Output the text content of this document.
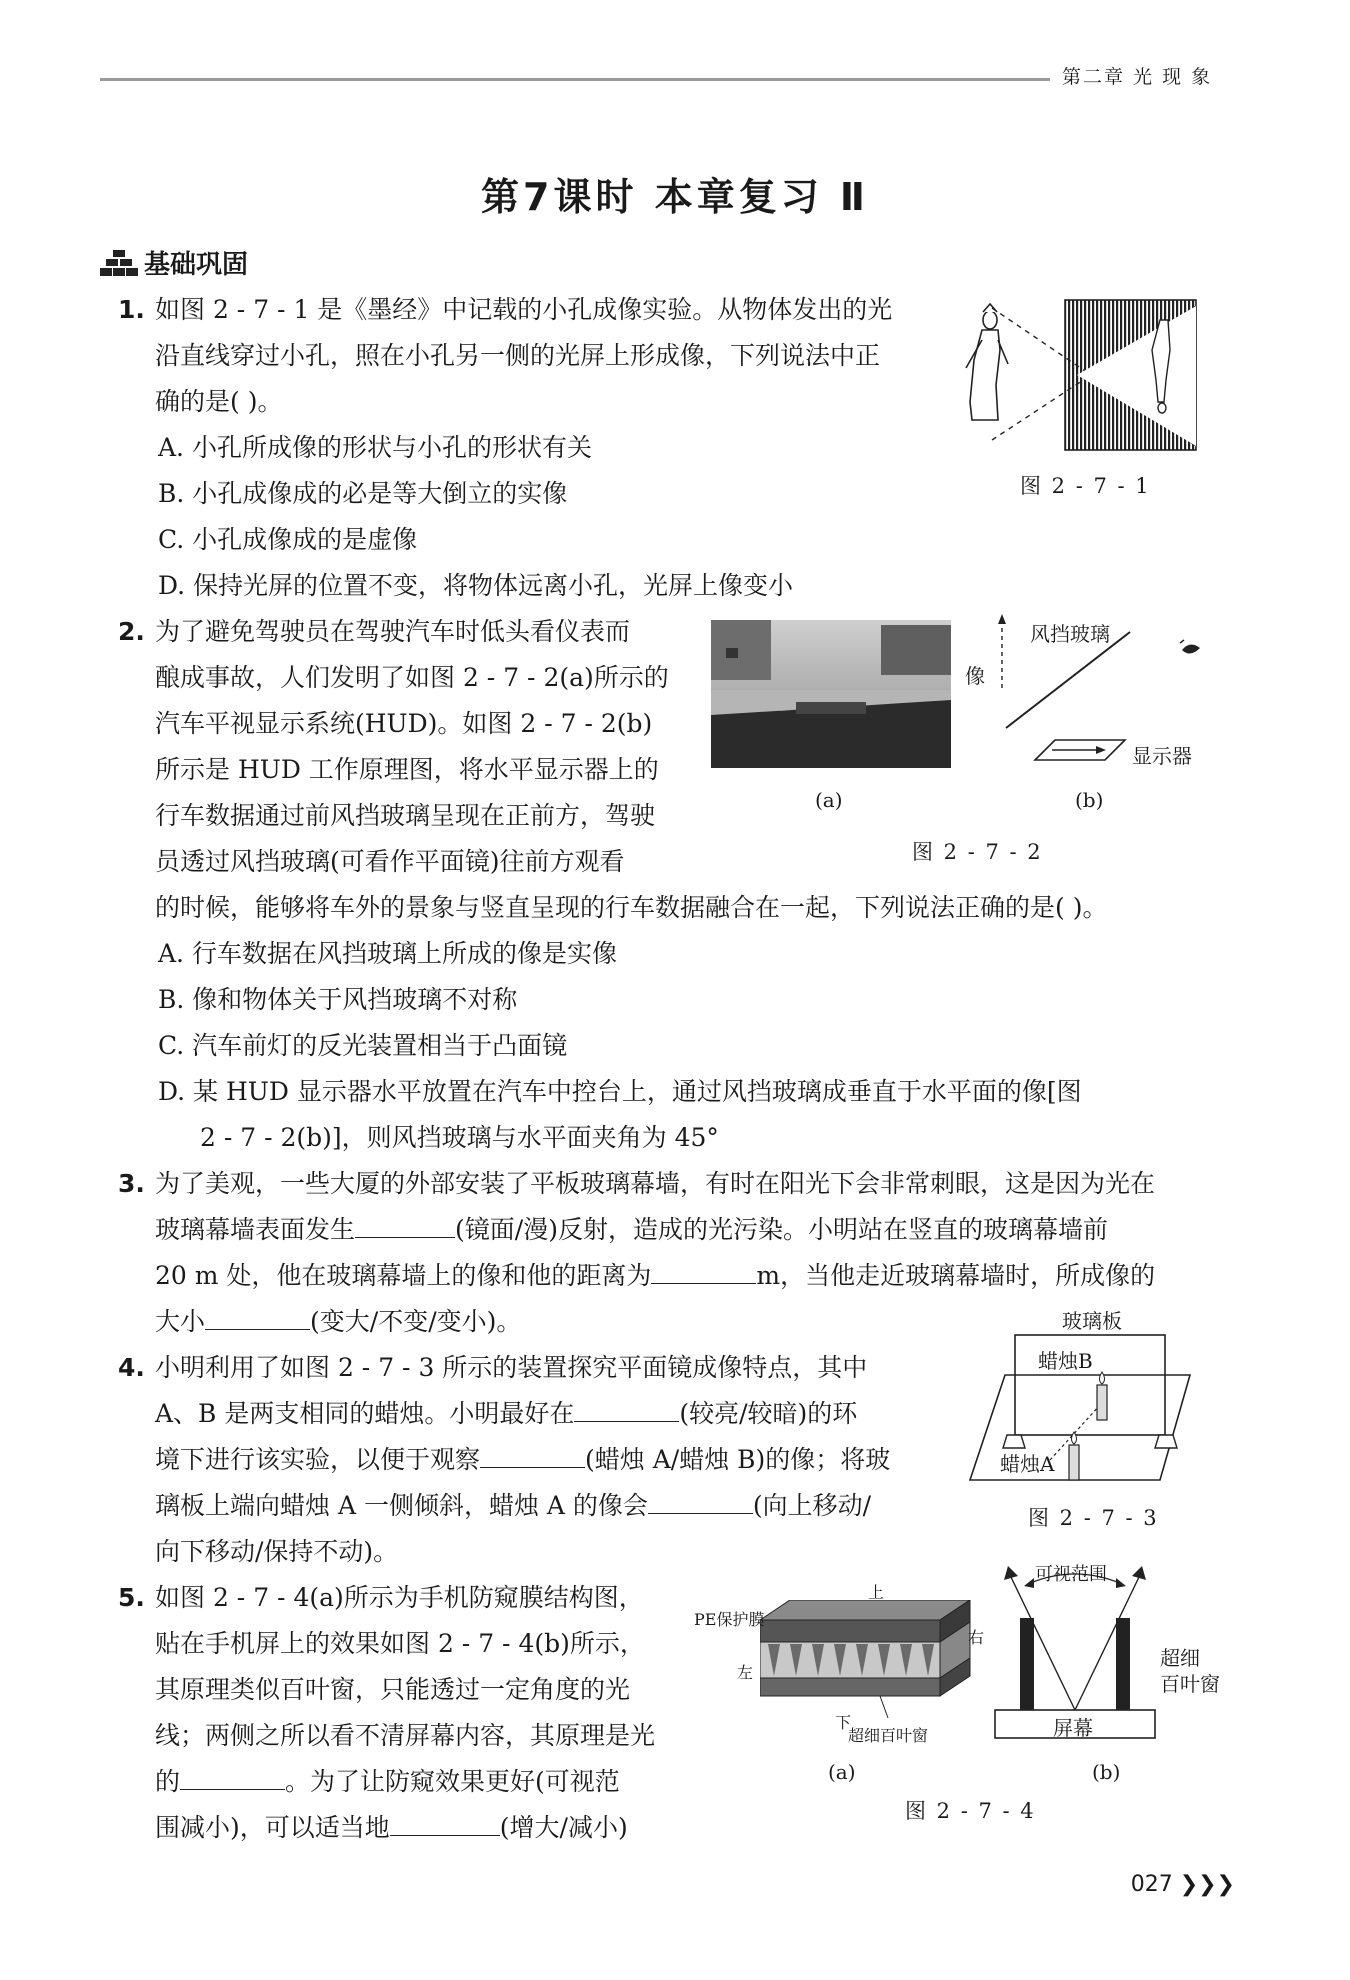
第二章 光 现 象
第7课时 本章复习 Ⅱ
基础巩固
1. 如图 2 - 7 - 1 是《墨经》中记载的小孔成像实验。从物体发出的光
沿直线穿过小孔，照在小孔另一侧的光屏上形成像，下列说法中正
确的是( )。
A. 小孔所成像的形状与小孔的形状有关
B. 小孔成像成的必是等大倒立的实像
C. 小孔成像成的是虚像
D. 保持光屏的位置不变，将物体远离小孔，光屏上像变小
图 2 - 7 - 1
2. 为了避免驾驶员在驾驶汽车时低头看仪表而
酿成事故，人们发明了如图 2 - 7 - 2(a)所示的
汽车平视显示系统(HUD)。如图 2 - 7 - 2(b)
所示是 HUD 工作原理图，将水平显示器上的
行车数据通过前风挡玻璃呈现在正前方，驾驶
员透过风挡玻璃(可看作平面镜)往前方观看
的时候，能够将车外的景象与竖直呈现的行车数据融合在一起，下列说法正确的是( )。
A. 行车数据在风挡玻璃上所成的像是实像
B. 像和物体关于风挡玻璃不对称
C. 汽车前灯的反光装置相当于凸面镜
D. 某 HUD 显示器水平放置在汽车中控台上，通过风挡玻璃成垂直于水平面的像[图
2 - 7 - 2(b)]，则风挡玻璃与水平面夹角为 45°
(a)
像
风挡玻璃
显示器
(b)
图 2 - 7 - 2
3. 为了美观，一些大厦的外部安装了平板玻璃幕墙，有时在阳光下会非常刺眼，这是因为光在
玻璃幕墙表面发生	(镜面/漫)反射，造成的光污染。小明站在竖直的玻璃幕墙前
20 m 处，他在玻璃幕墙上的像和他的距离为	m，当他走近玻璃幕墙时，所成像的
大小	(变大/不变/变小)。
4. 小明利用了如图 2 - 7 - 3 所示的装置探究平面镜成像特点，其中
A、B 是两支相同的蜡烛。小明最好在	(较亮/较暗)的环
境下进行该实验，以便于观察	(蜡烛 A/蜡烛 B)的像；将玻
璃板上端向蜡烛 A 一侧倾斜，蜡烛 A 的像会	(向上移动/
向下移动/保持不动)。
玻璃板
蜡烛B
蜡烛A
图 2 - 7 - 3
5. 如图 2 - 7 - 4(a)所示为手机防窥膜结构图，
贴在手机屏上的效果如图 2 - 7 - 4(b)所示，
其原理类似百叶窗，只能透过一定角度的光
线；两侧之所以看不清屏幕内容，其原理是光
的	。为了让防窥效果更好(可视范
围减小)，可以适当地	(增大/减小)
上
PE保护膜
右
左
下
超细百叶窗
(a)
可视范围
超细
百叶窗
屏幕
(b)
图 2 - 7 - 4
027 ❯❯❯
